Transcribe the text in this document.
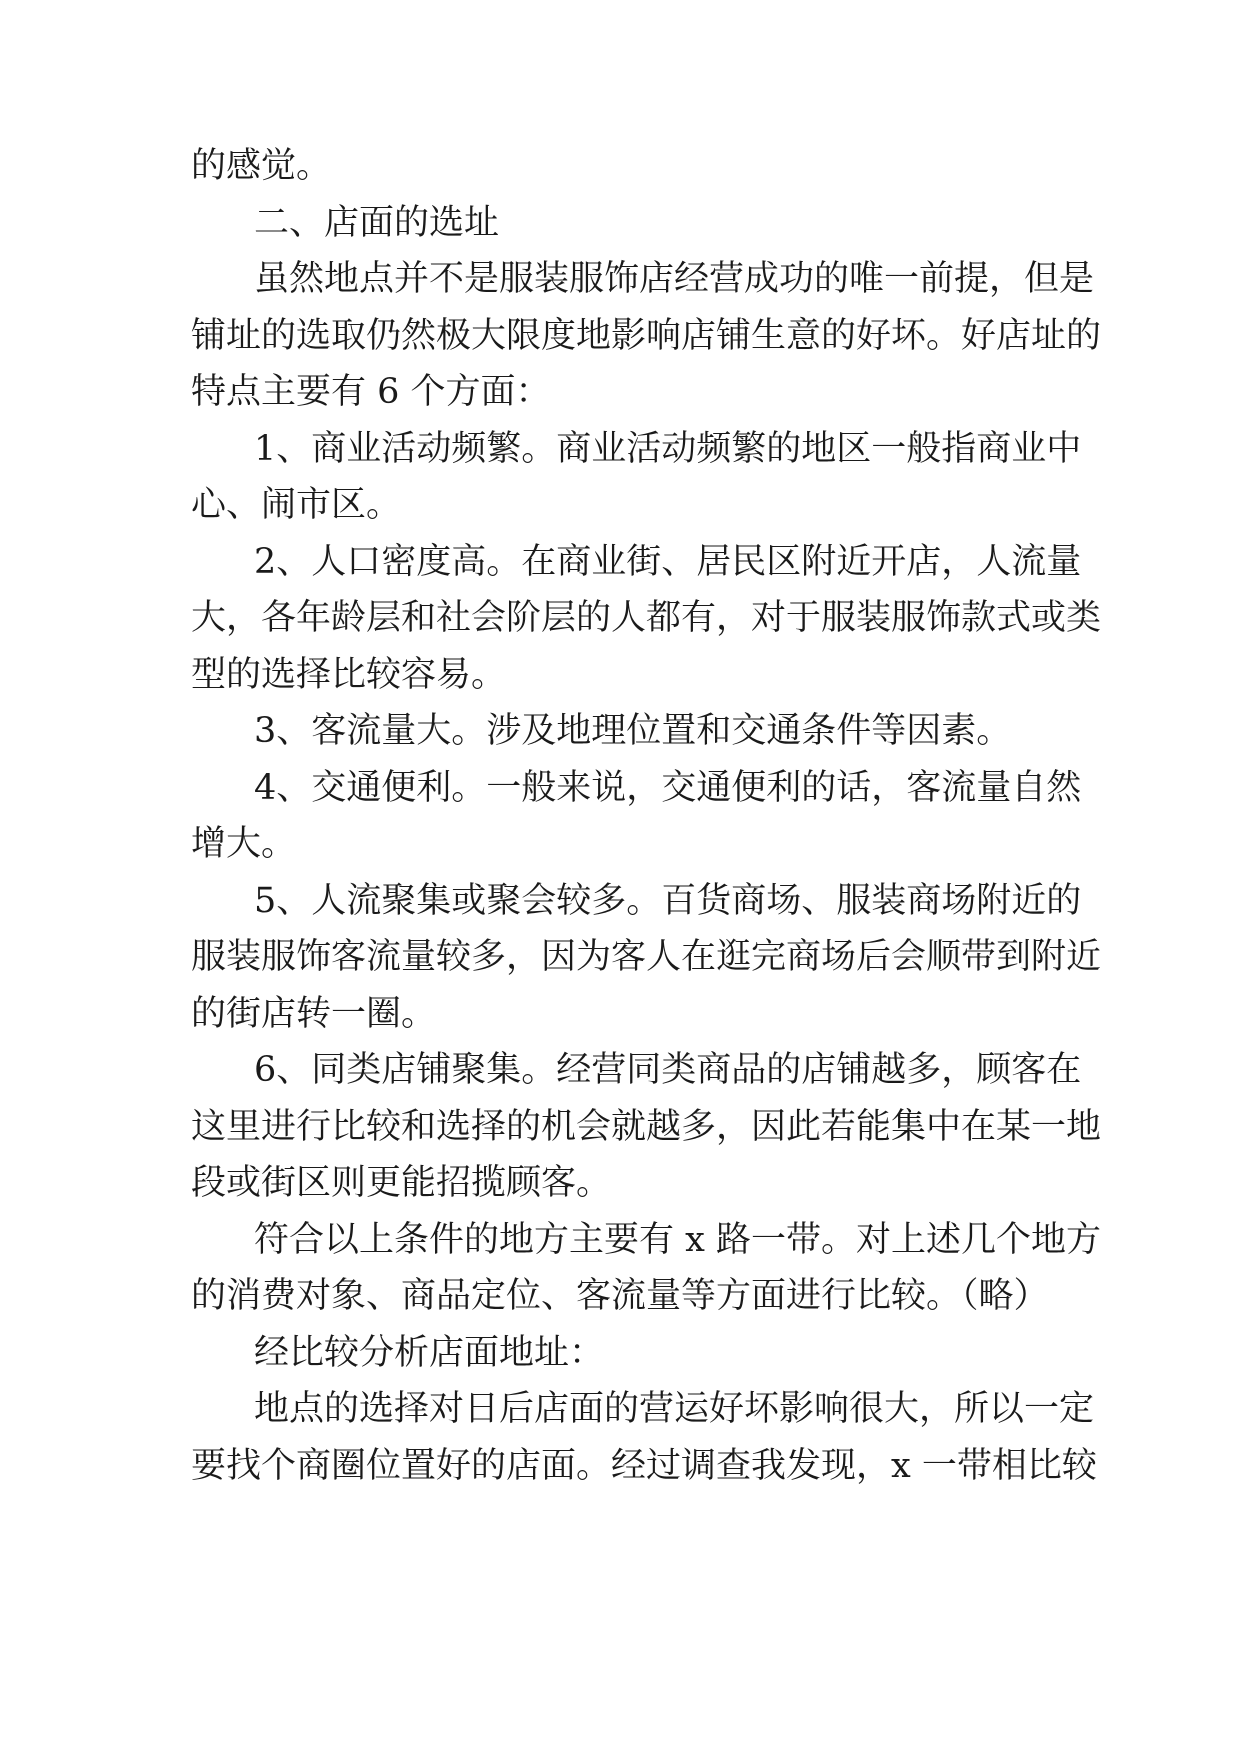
的感觉。
二、店面的选址
虽然地点并不是服装服饰店经营成功的唯一前提，但是
铺址的选取仍然极大限度地影响店铺生意的好坏。好店址的
特点主要有 6 个方面：
1、商业活动频繁。商业活动频繁的地区一般指商业中
心、闹市区。
2、人口密度高。在商业街、居民区附近开店，人流量
大，各年龄层和社会阶层的人都有，对于服装服饰款式或类
型的选择比较容易。
3、客流量大。涉及地理位置和交通条件等因素。
4、交通便利。一般来说，交通便利的话，客流量自然
增大。
5、人流聚集或聚会较多。百货商场、服装商场附近的
服装服饰客流量较多，因为客人在逛完商场后会顺带到附近
的街店转一圈。
6、同类店铺聚集。经营同类商品的店铺越多，顾客在
这里进行比较和选择的机会就越多，因此若能集中在某一地
段或街区则更能招揽顾客。
符合以上条件的地方主要有 x 路一带。对上述几个地方
的消费对象、商品定位、客流量等方面进行比较。（略）
经比较分析店面地址：
地点的选择对日后店面的营运好坏影响很大，所以一定
要找个商圈位置好的店面。经过调查我发现，x 一带相比较
